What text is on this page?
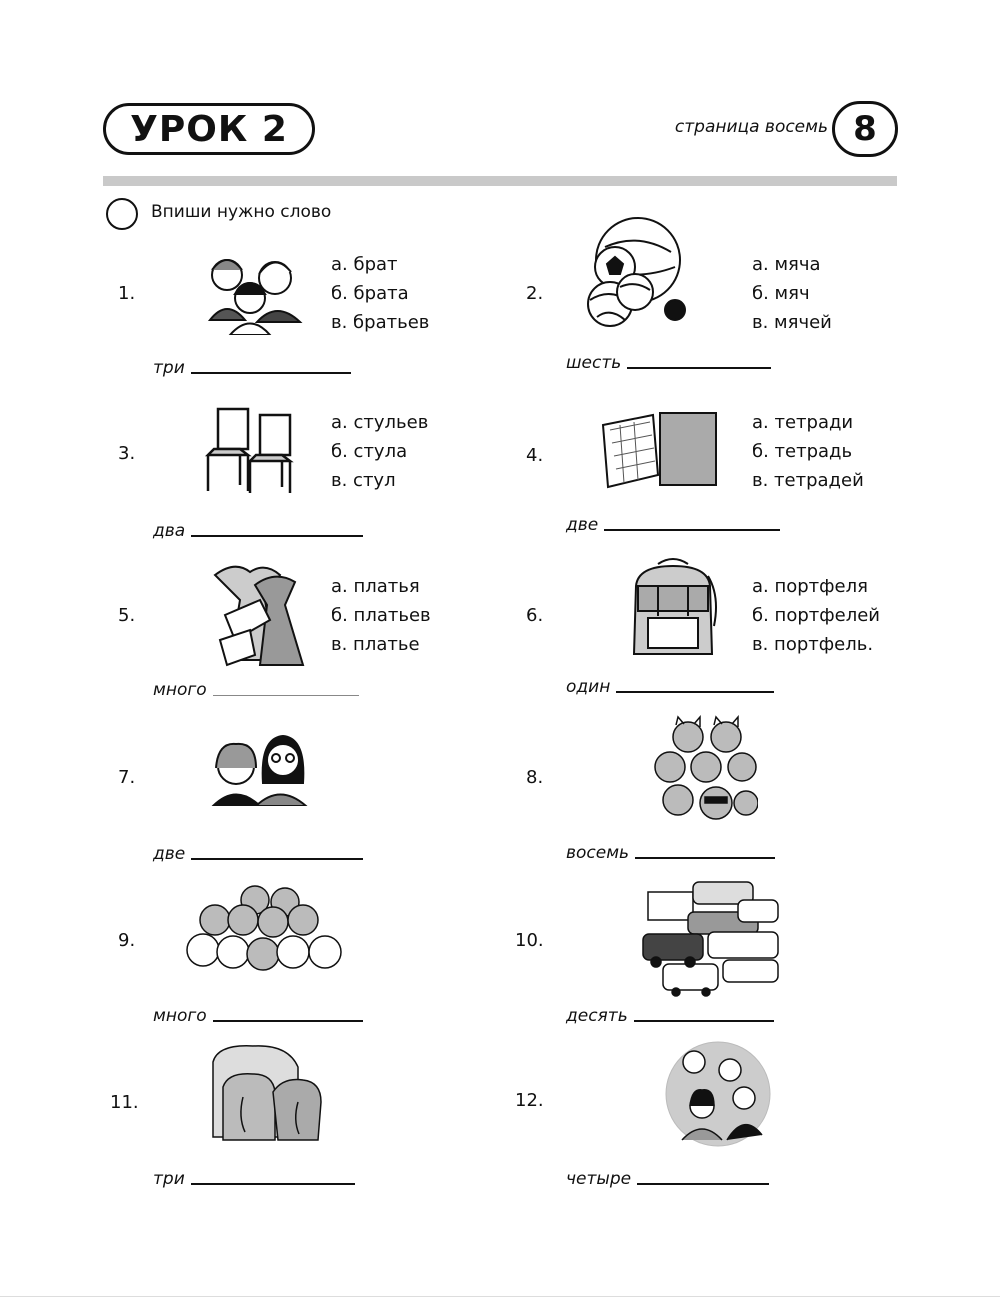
УРОК 2	страница восемь 8
Впиши нужно слово
1.
а. брат
б. брата
в. братьев
три
2.
а. мяча
б. мяч
в. мячей
шесть
3.
а. стульев
б. стула
в. стул
два
4.
а. тетради
б. тетрадь
в. тетрадей
две
5.
а. платья
б. платьев
в. платье
много
6.
а. портфеля
б. портфелей
в. портфель.
один
7.
две
8.
восемь
9.
много
10.
десять
11.
три
12.
четыре
